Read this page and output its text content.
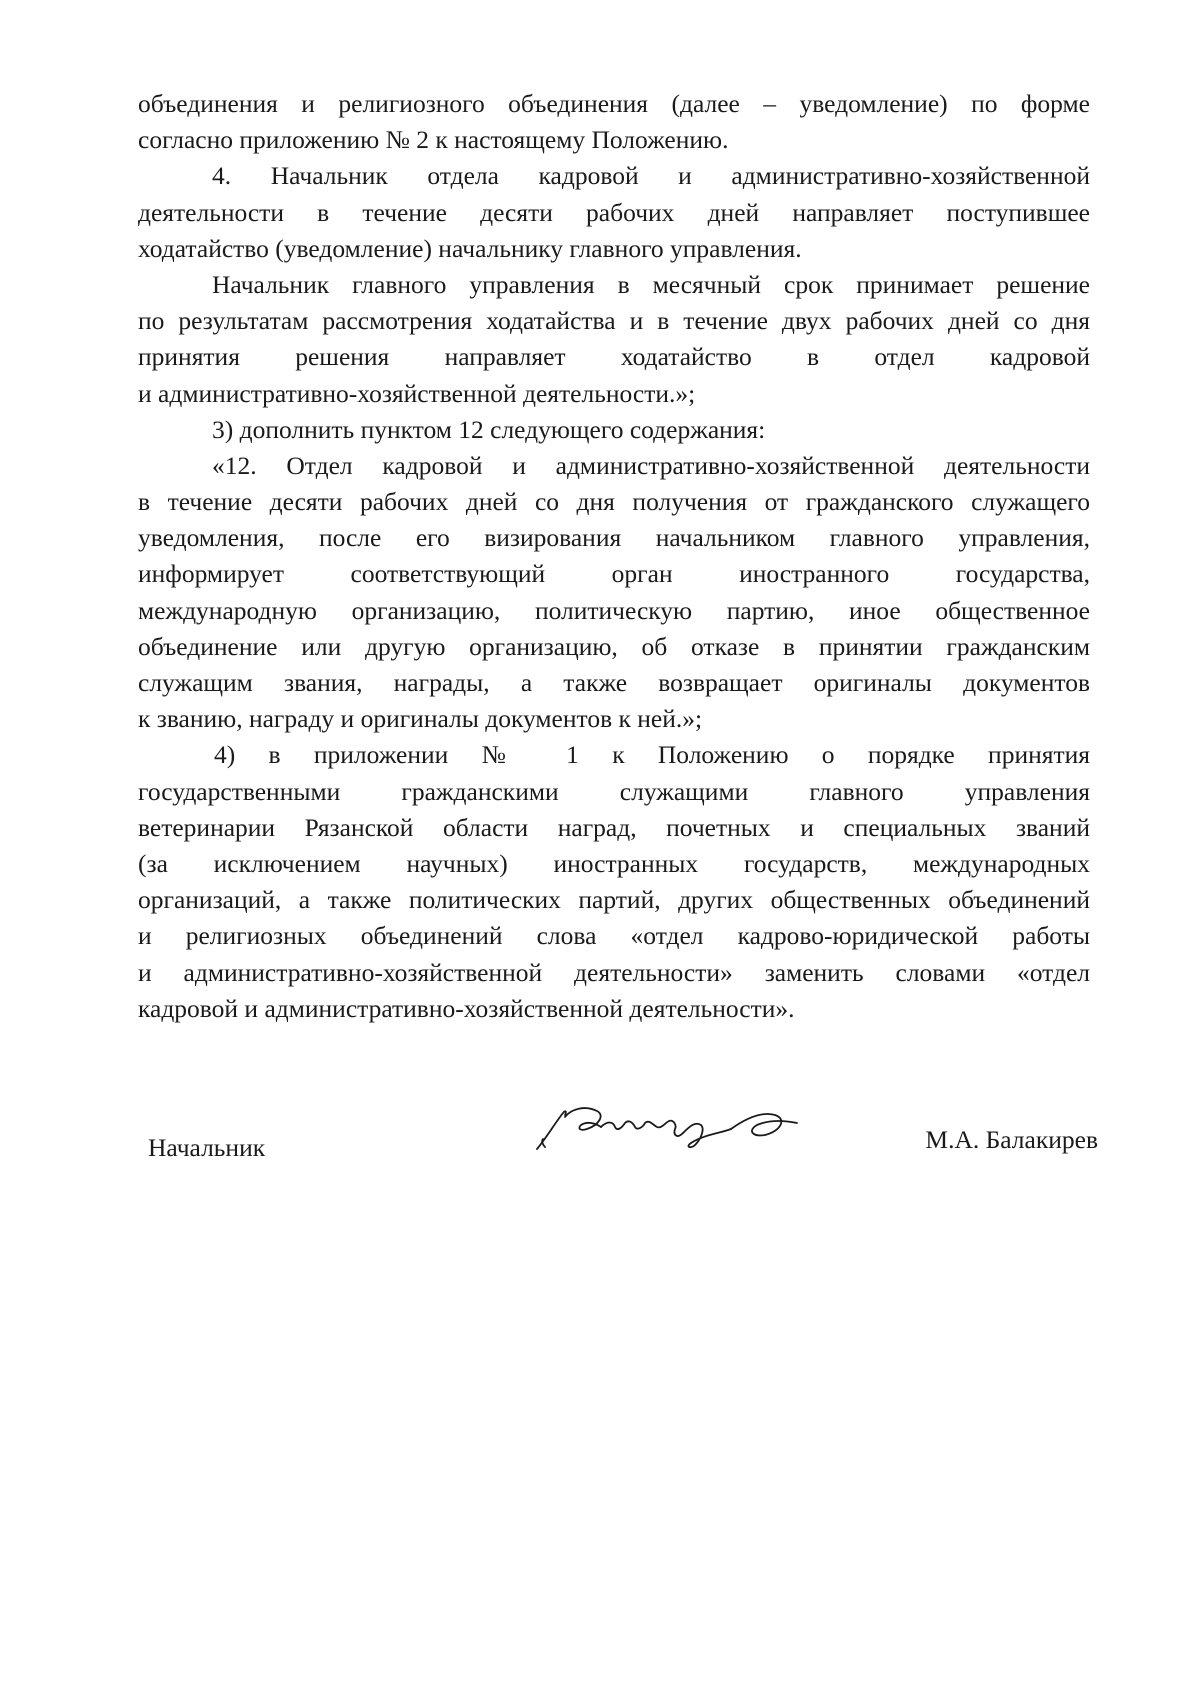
объединения и религиозного объединения (далее – уведомление) по форме
согласно приложению № 2 к настоящему Положению.
4. Начальник отдела кадровой и административно-хозяйственной
деятельности в течение десяти рабочих дней направляет поступившее
ходатайство (уведомление) начальнику главного управления.
Начальник главного управления в месячный срок принимает решение
по результатам рассмотрения ходатайства и в течение двух рабочих дней со дня
принятия решения направляет ходатайство в отдел кадровой
и административно-хозяйственной деятельности.»;
3) дополнить пунктом 12 следующего содержания:
«12. Отдел кадровой и административно-хозяйственной деятельности
в течение десяти рабочих дней со дня получения от гражданского служащего
уведомления, после его визирования начальником главного управления,
информирует соответствующий орган иностранного государства,
международную организацию, политическую партию, иное общественное
объединение или другую организацию, об отказе в принятии гражданским
служащим звания, награды, а также возвращает оригиналы документов
к званию, награду и оригиналы документов к ней.»;
4) в приложении № 1 к Положению о порядке принятия
государственными гражданскими служащими главного управления
ветеринарии Рязанской области наград, почетных и специальных званий
(за исключением научных) иностранных государств, международных
организаций, а также политических партий, других общественных объединений
и религиозных объединений слова «отдел кадрово-юридической работы
и административно-хозяйственной деятельности» заменить словами «отдел
кадровой и административно-хозяйственной деятельности».
Начальник	М.А. Балакирев
